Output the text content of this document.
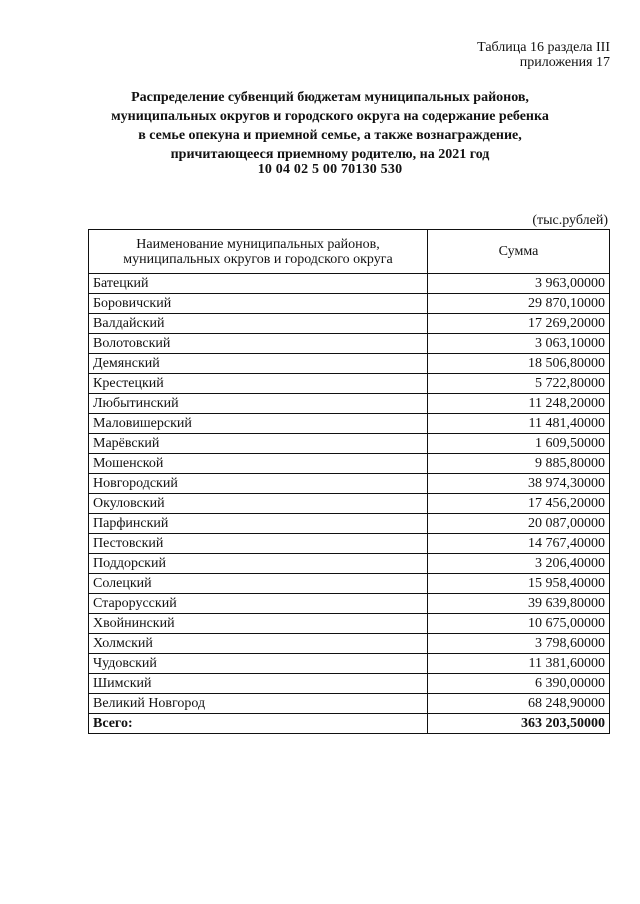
Таблица 16 раздела III
приложения 17
Распределение субвенций бюджетам муниципальных районов,
муниципальных округов и городского округа на содержание ребенка
в семье опекуна и приемной семье, а также вознаграждение,
причитающееся приемному родителю, на 2021 год
10 04 02 5 00 70130 530
(тыс.рублей)
Наименование муниципальных районов,
муниципальных округов и городского округа	Сумма
Батецкий	3 963,00000
Боровичский	29 870,10000
Валдайский	17 269,20000
Волотовский	3 063,10000
Демянский	18 506,80000
Крестецкий	5 722,80000
Любытинский	11 248,20000
Маловишерский	11 481,40000
Марёвский	1 609,50000
Мошенской	9 885,80000
Новгородский	38 974,30000
Окуловский	17 456,20000
Парфинский	20 087,00000
Пестовский	14 767,40000
Поддорский	3 206,40000
Солецкий	15 958,40000
Старорусский	39 639,80000
Хвойнинский	10 675,00000
Холмский	3 798,60000
Чудовский	11 381,60000
Шимский	6 390,00000
Великий Новгород	68 248,90000
Всего:	363 203,50000
